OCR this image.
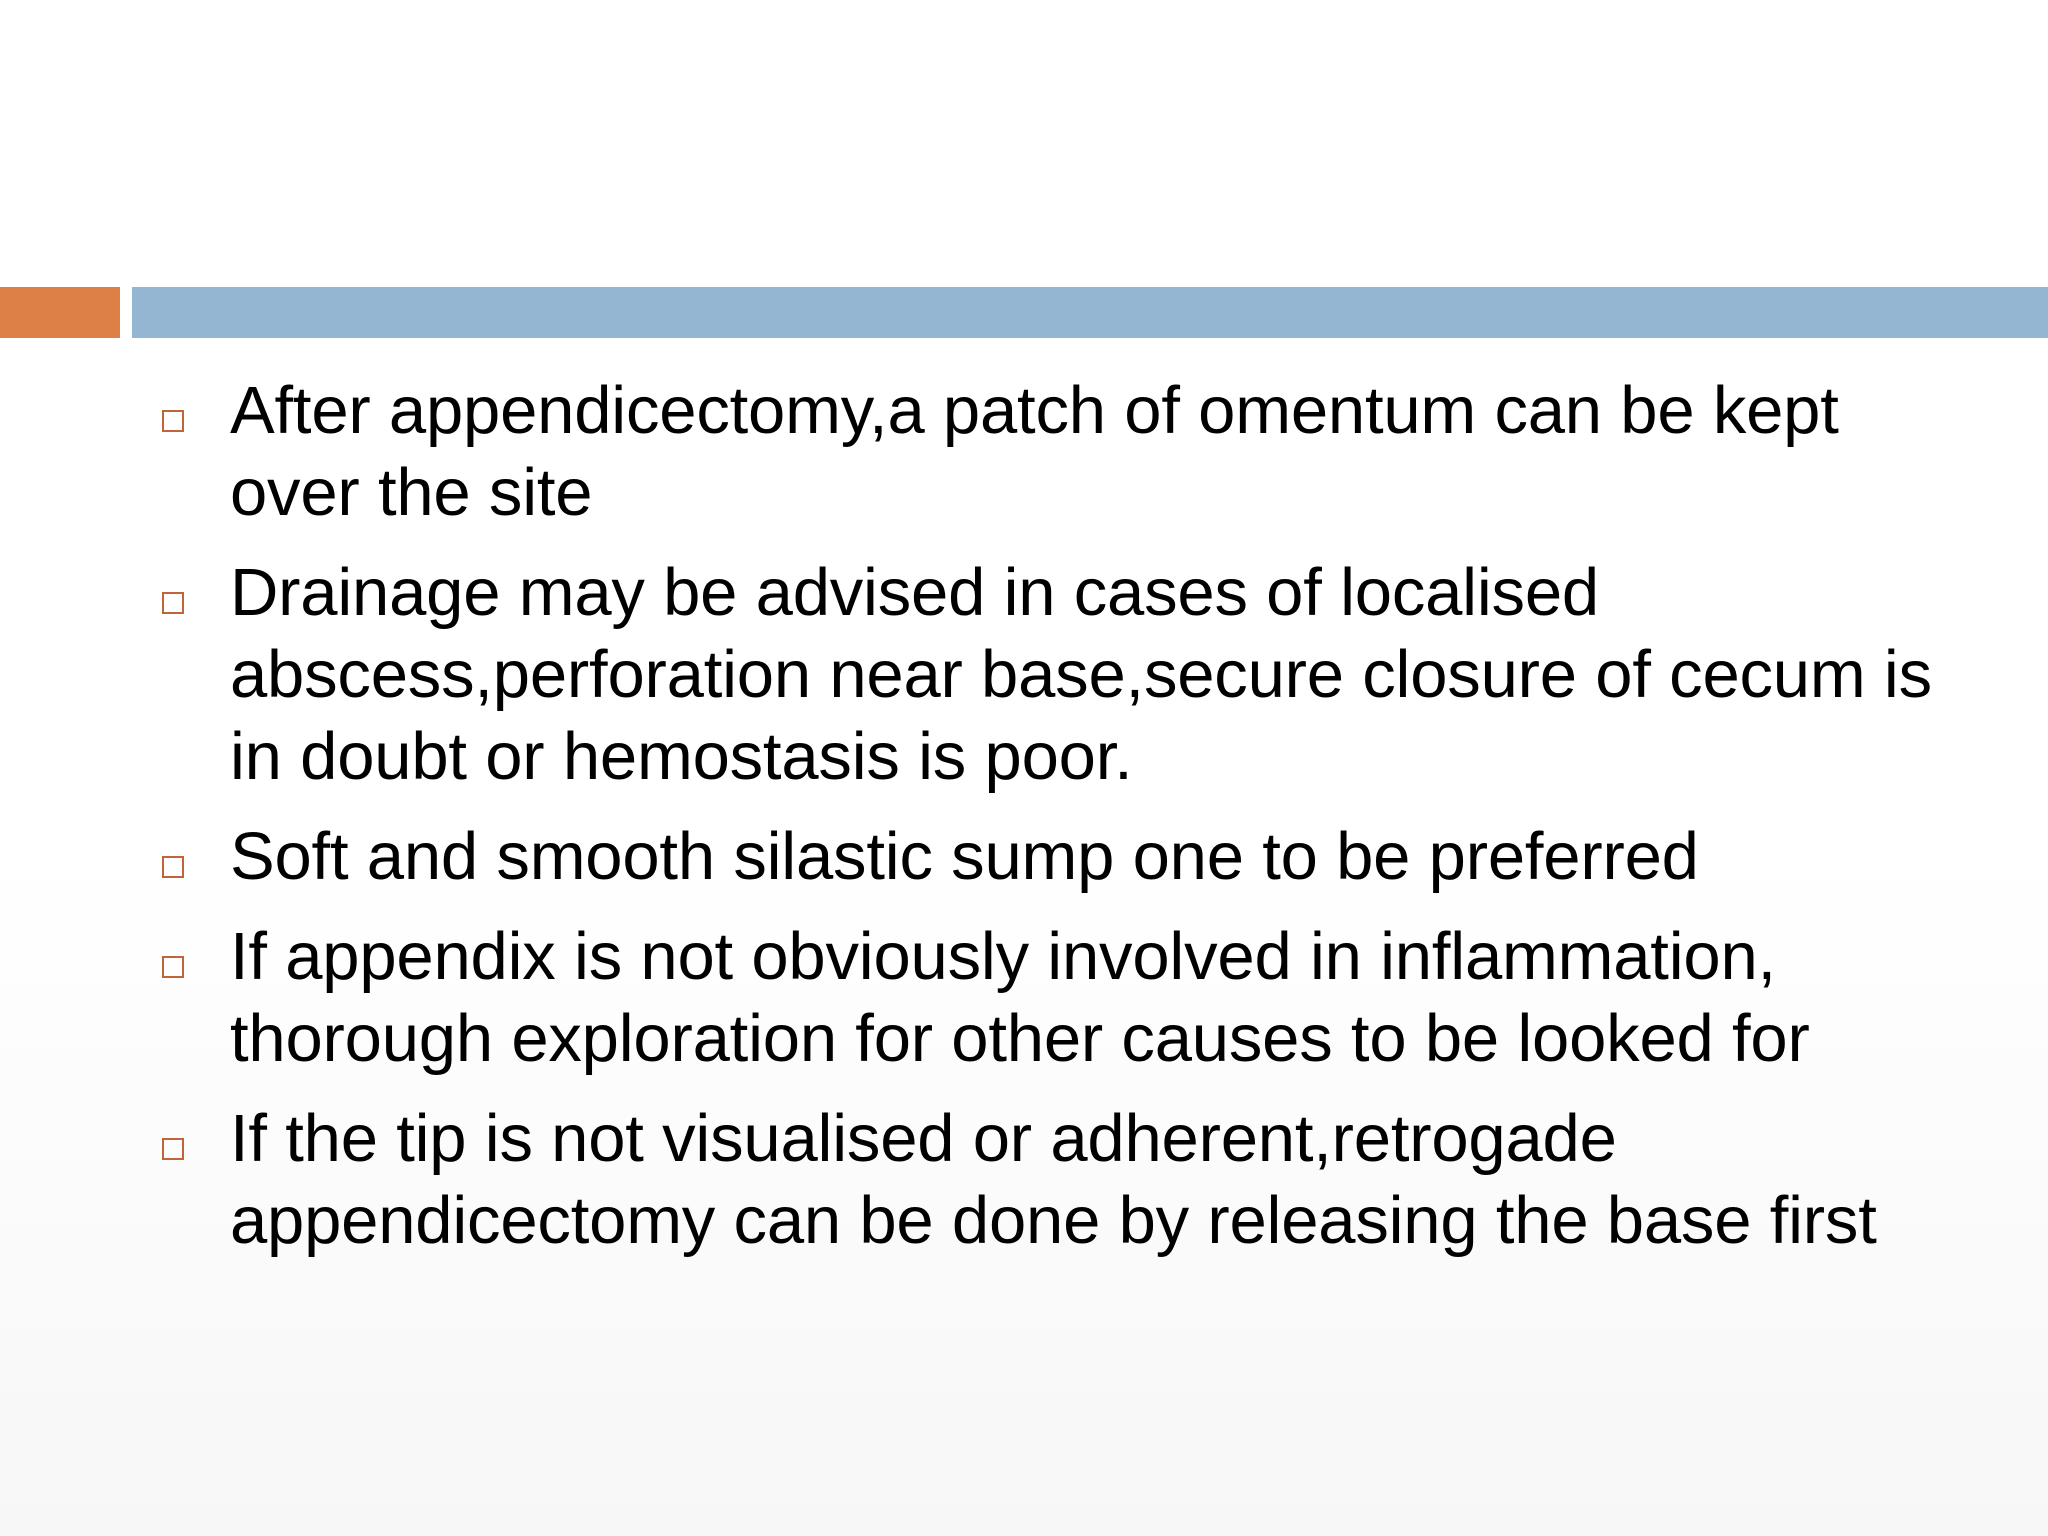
After appendicectomy,a patch of omentum can be kept over the site
Drainage may be advised in cases of localised abscess,perforation near base,secure closure of cecum is in doubt or hemostasis is poor.
Soft and smooth silastic sump one to be preferred
If appendix is not obviously involved in inflammation, thorough exploration for other causes to be looked for
If the tip is not visualised or adherent,retrogade appendicectomy can be done by releasing the base first
